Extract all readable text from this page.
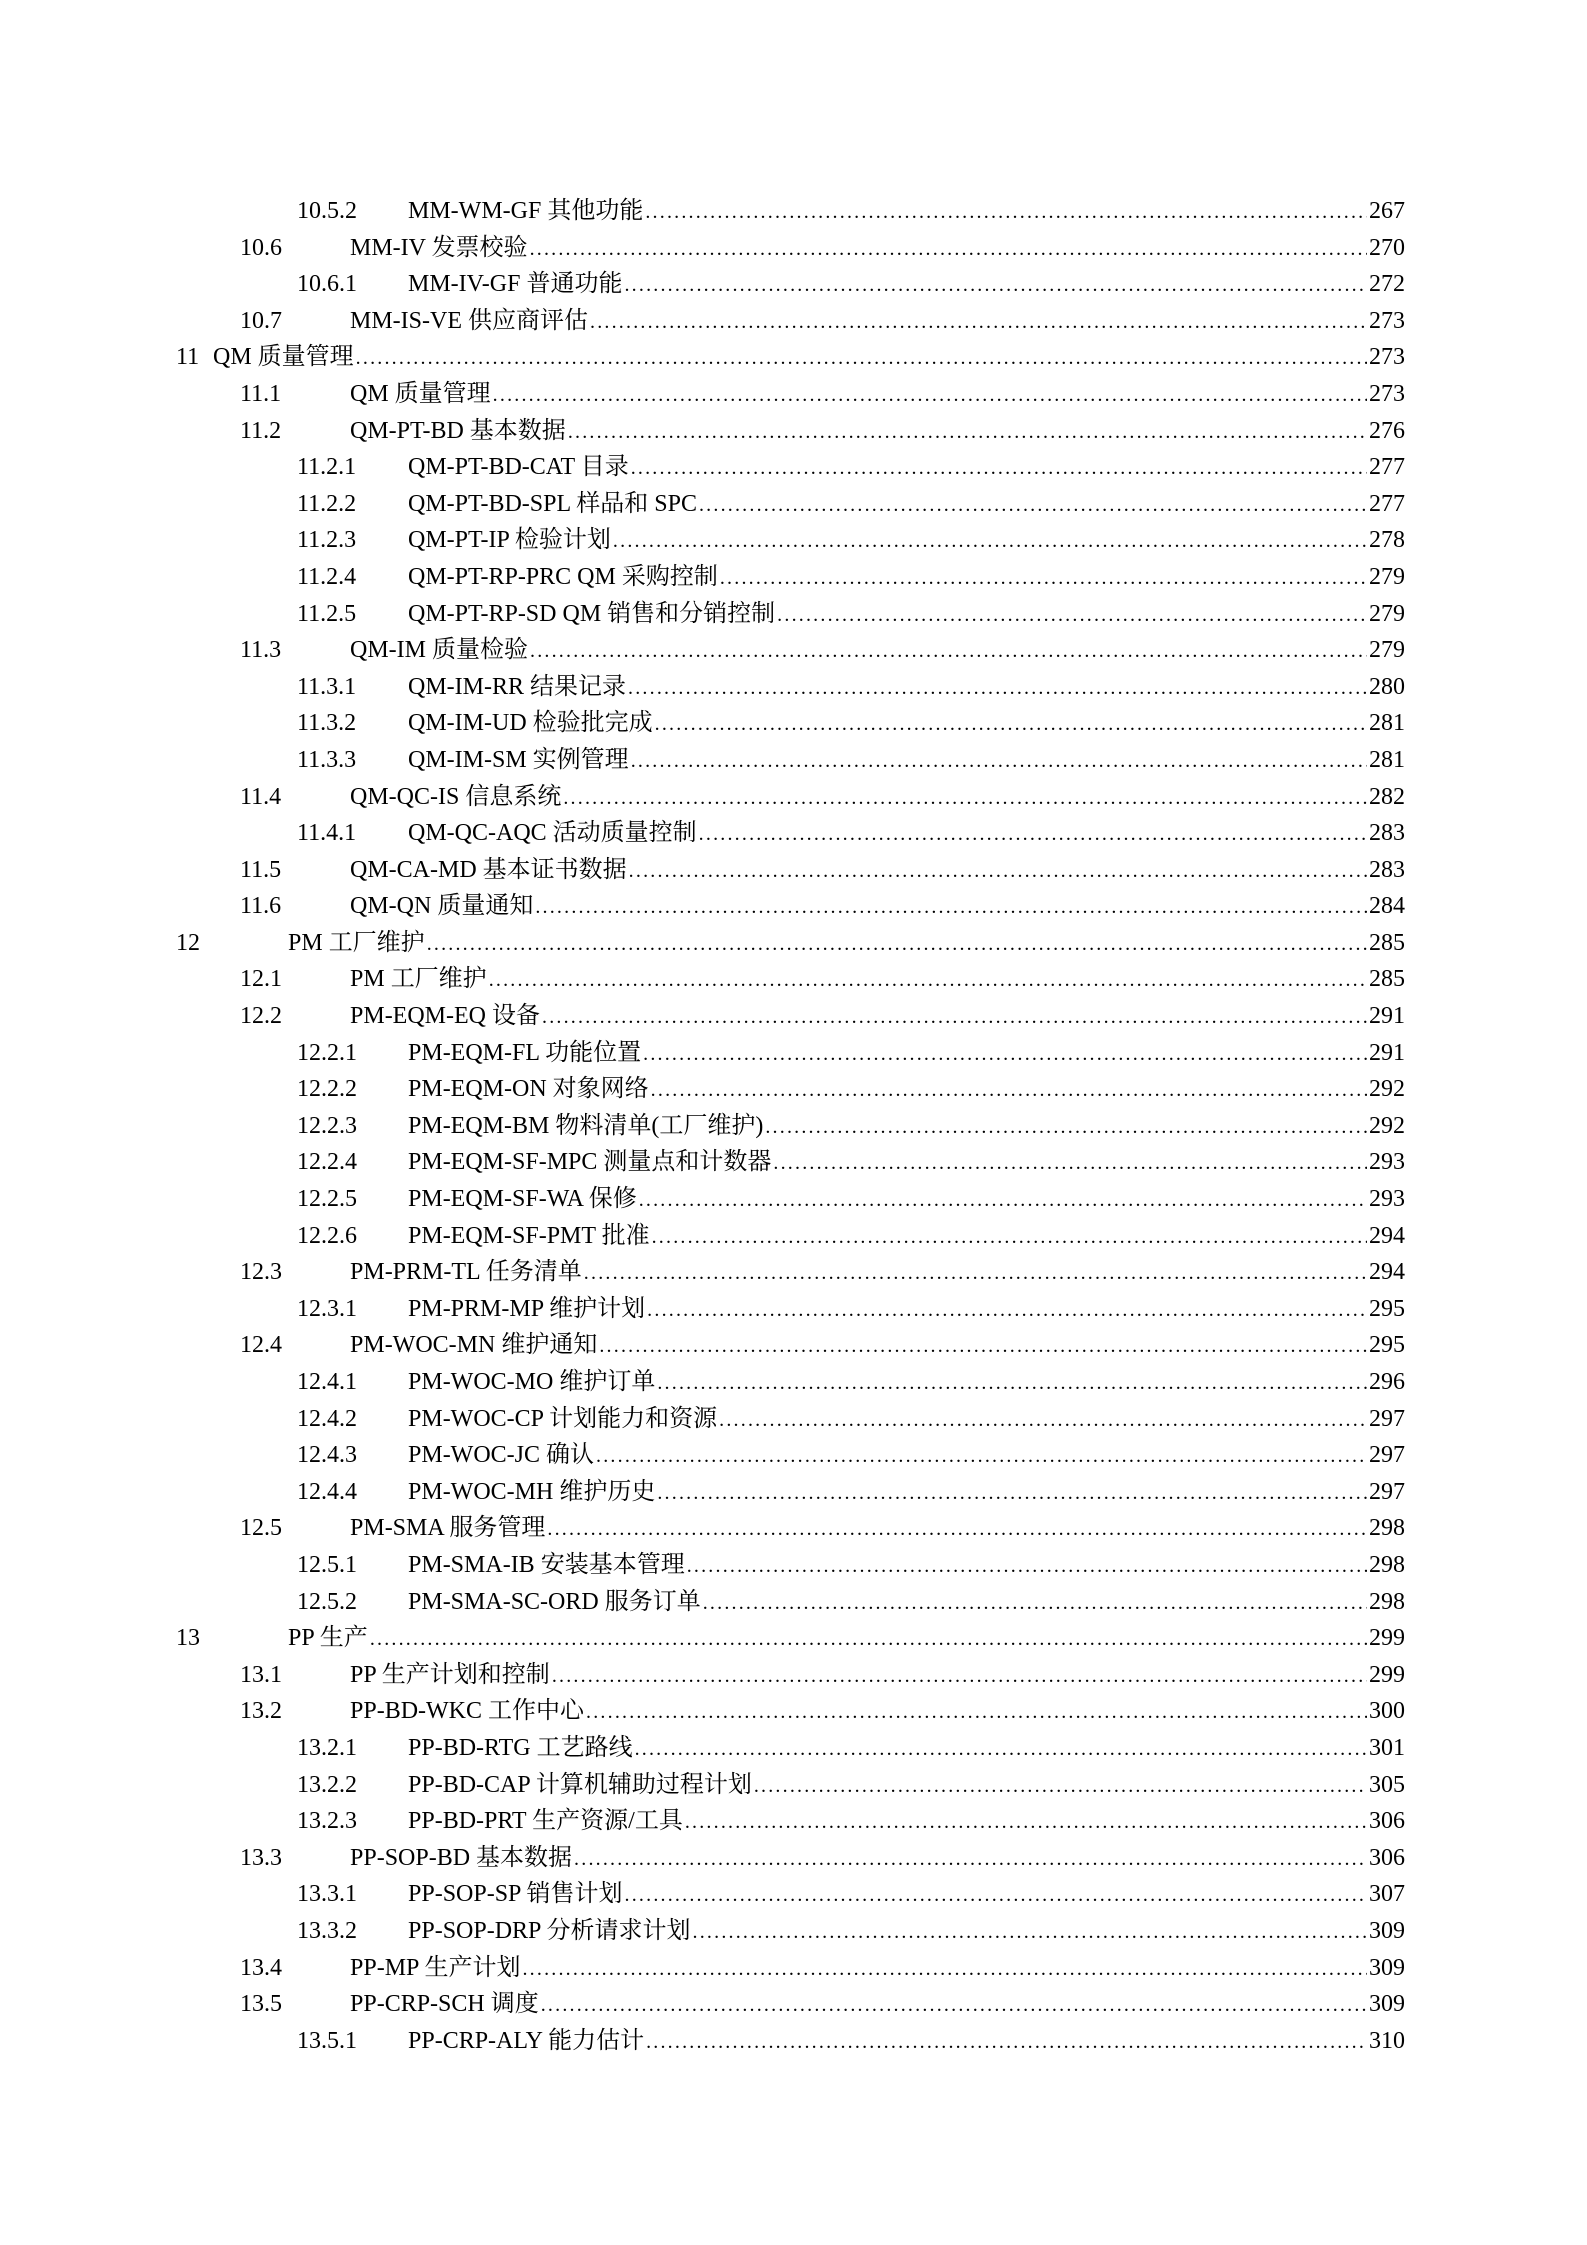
10.5.2 MM-WM-GF 其他功能 .....	267
10.6	MM-IV 发票校验 .....	270
10.6.1 MM-IV-GF 普通功能 .....	272
10.7	MM-IS-VE 供应商评估 .....	273
11 QM 质量管理 .....	273
11.1	QM 质量管理 .....	273
11.2	QM-PT-BD 基本数据 .....	276
11.2.1 QM-PT-BD-CAT 目录 .....	277
11.2.2 QM-PT-BD-SPL 样品和 SPC .....	277
11.2.3 QM-PT-IP 检验计划 .....	278
11.2.4 QM-PT-RP-PRC QM 采购控制 .....	279
11.2.5 QM-PT-RP-SD QM 销售和分销控制 .....	279
11.3	QM-IM 质量检验 .....	279
11.3.1 QM-IM-RR 结果记录 .....	280
11.3.2 QM-IM-UD 检验批完成 .....	281
11.3.3 QM-IM-SM 实例管理 .....	281
11.4	QM-QC-IS 信息系统 .....	282
11.4.1 QM-QC-AQC 活动质量控制 .....	283
11.5	QM-CA-MD 基本证书数据 .....	283
11.6	QM-QN 质量通知 .....	284
12	PM 工厂维护 .....	285
12.1	PM 工厂维护 .....	285
12.2	PM-EQM-EQ 设备 .....	291
12.2.1 PM-EQM-FL 功能位置 .....	291
12.2.2 PM-EQM-ON 对象网络 .....	292
12.2.3 PM-EQM-BM 物料清单(工厂维护) .....	292
12.2.4 PM-EQM-SF-MPC 测量点和计数器 .....	293
12.2.5 PM-EQM-SF-WA 保修 .....	293
12.2.6 PM-EQM-SF-PMT 批准 .....	294
12.3	PM-PRM-TL 任务清单 .....	294
12.3.1 PM-PRM-MP 维护计划 .....	295
12.4	PM-WOC-MN 维护通知 .....	295
12.4.1 PM-WOC-MO 维护订单 .....	296
12.4.2 PM-WOC-CP 计划能力和资源 .....	297
12.4.3 PM-WOC-JC 确认 .....	297
12.4.4 PM-WOC-MH 维护历史 .....	297
12.5	PM-SMA 服务管理 .....	298
12.5.1 PM-SMA-IB 安装基本管理 .....	298
12.5.2 PM-SMA-SC-ORD 服务订单 .....	298
13	PP 生产 .....	299
13.1	PP 生产计划和控制 .....	299
13.2	PP-BD-WKC 工作中心 .....	300
13.2.1 PP-BD-RTG 工艺路线 .....	301
13.2.2 PP-BD-CAP 计算机辅助过程计划 .....	305
13.2.3 PP-BD-PRT 生产资源/工具 .....	306
13.3	PP-SOP-BD 基本数据 .....	306
13.3.1 PP-SOP-SP 销售计划 .....	307
13.3.2 PP-SOP-DRP 分析请求计划 .....	309
13.4	PP-MP 生产计划 .....	309
13.5	PP-CRP-SCH 调度 .....	309
13.5.1 PP-CRP-ALY 能力估计 .....	310
